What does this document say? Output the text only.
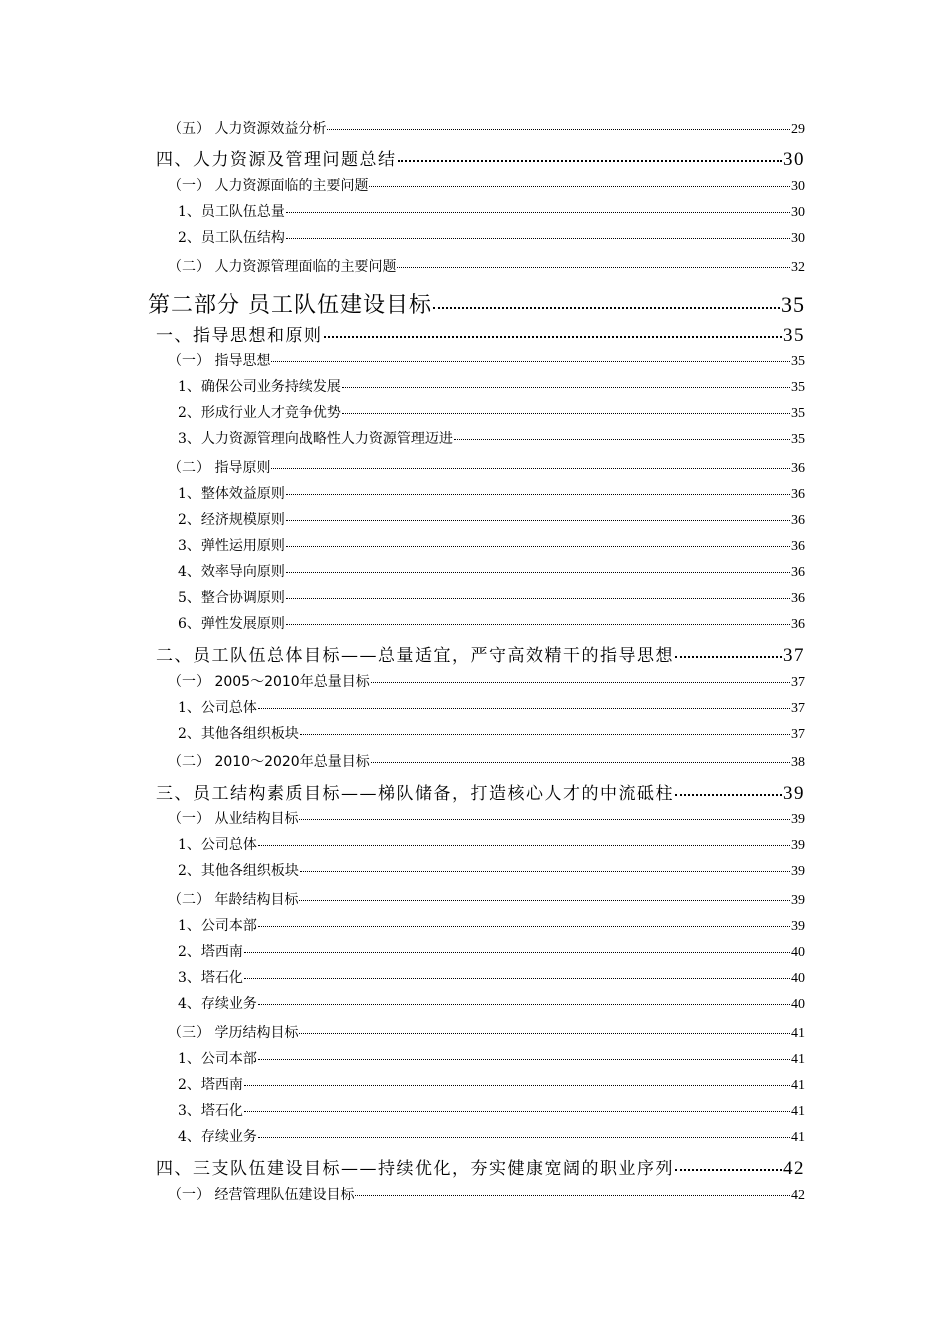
（五） 人力资源效益分析	29
四、人力资源及管理问题总结	30
（一） 人力资源面临的主要问题	30
1、员工队伍总量	30
2、员工队伍结构	30
（二） 人力资源管理面临的主要问题	32
第二部分 员工队伍建设目标	35
一、指导思想和原则	35
（一） 指导思想	35
1、确保公司业务持续发展	35
2、形成行业人才竞争优势	35
3、人力资源管理向战略性人力资源管理迈进	35
（二） 指导原则	36
1、整体效益原则	36
2、经济规模原则	36
3、弹性运用原则	36
4、效率导向原则	36
5、整合协调原则	36
6、弹性发展原则	36
二、员工队伍总体目标——总量适宜，严守高效精干的指导思想	37
（一） 2005～2010年总量目标	37
1、公司总体	37
2、其他各组织板块	37
（二） 2010～2020年总量目标	38
三、员工结构素质目标——梯队储备，打造核心人才的中流砥柱	39
（一） 从业结构目标	39
1、公司总体	39
2、其他各组织板块	39
（二） 年龄结构目标	39
1、公司本部	39
2、塔西南	40
3、塔石化	40
4、存续业务	40
（三） 学历结构目标	41
1、公司本部	41
2、塔西南	41
3、塔石化	41
4、存续业务	41
四、三支队伍建设目标——持续优化，夯实健康宽阔的职业序列	42
（一） 经营管理队伍建设目标	42
